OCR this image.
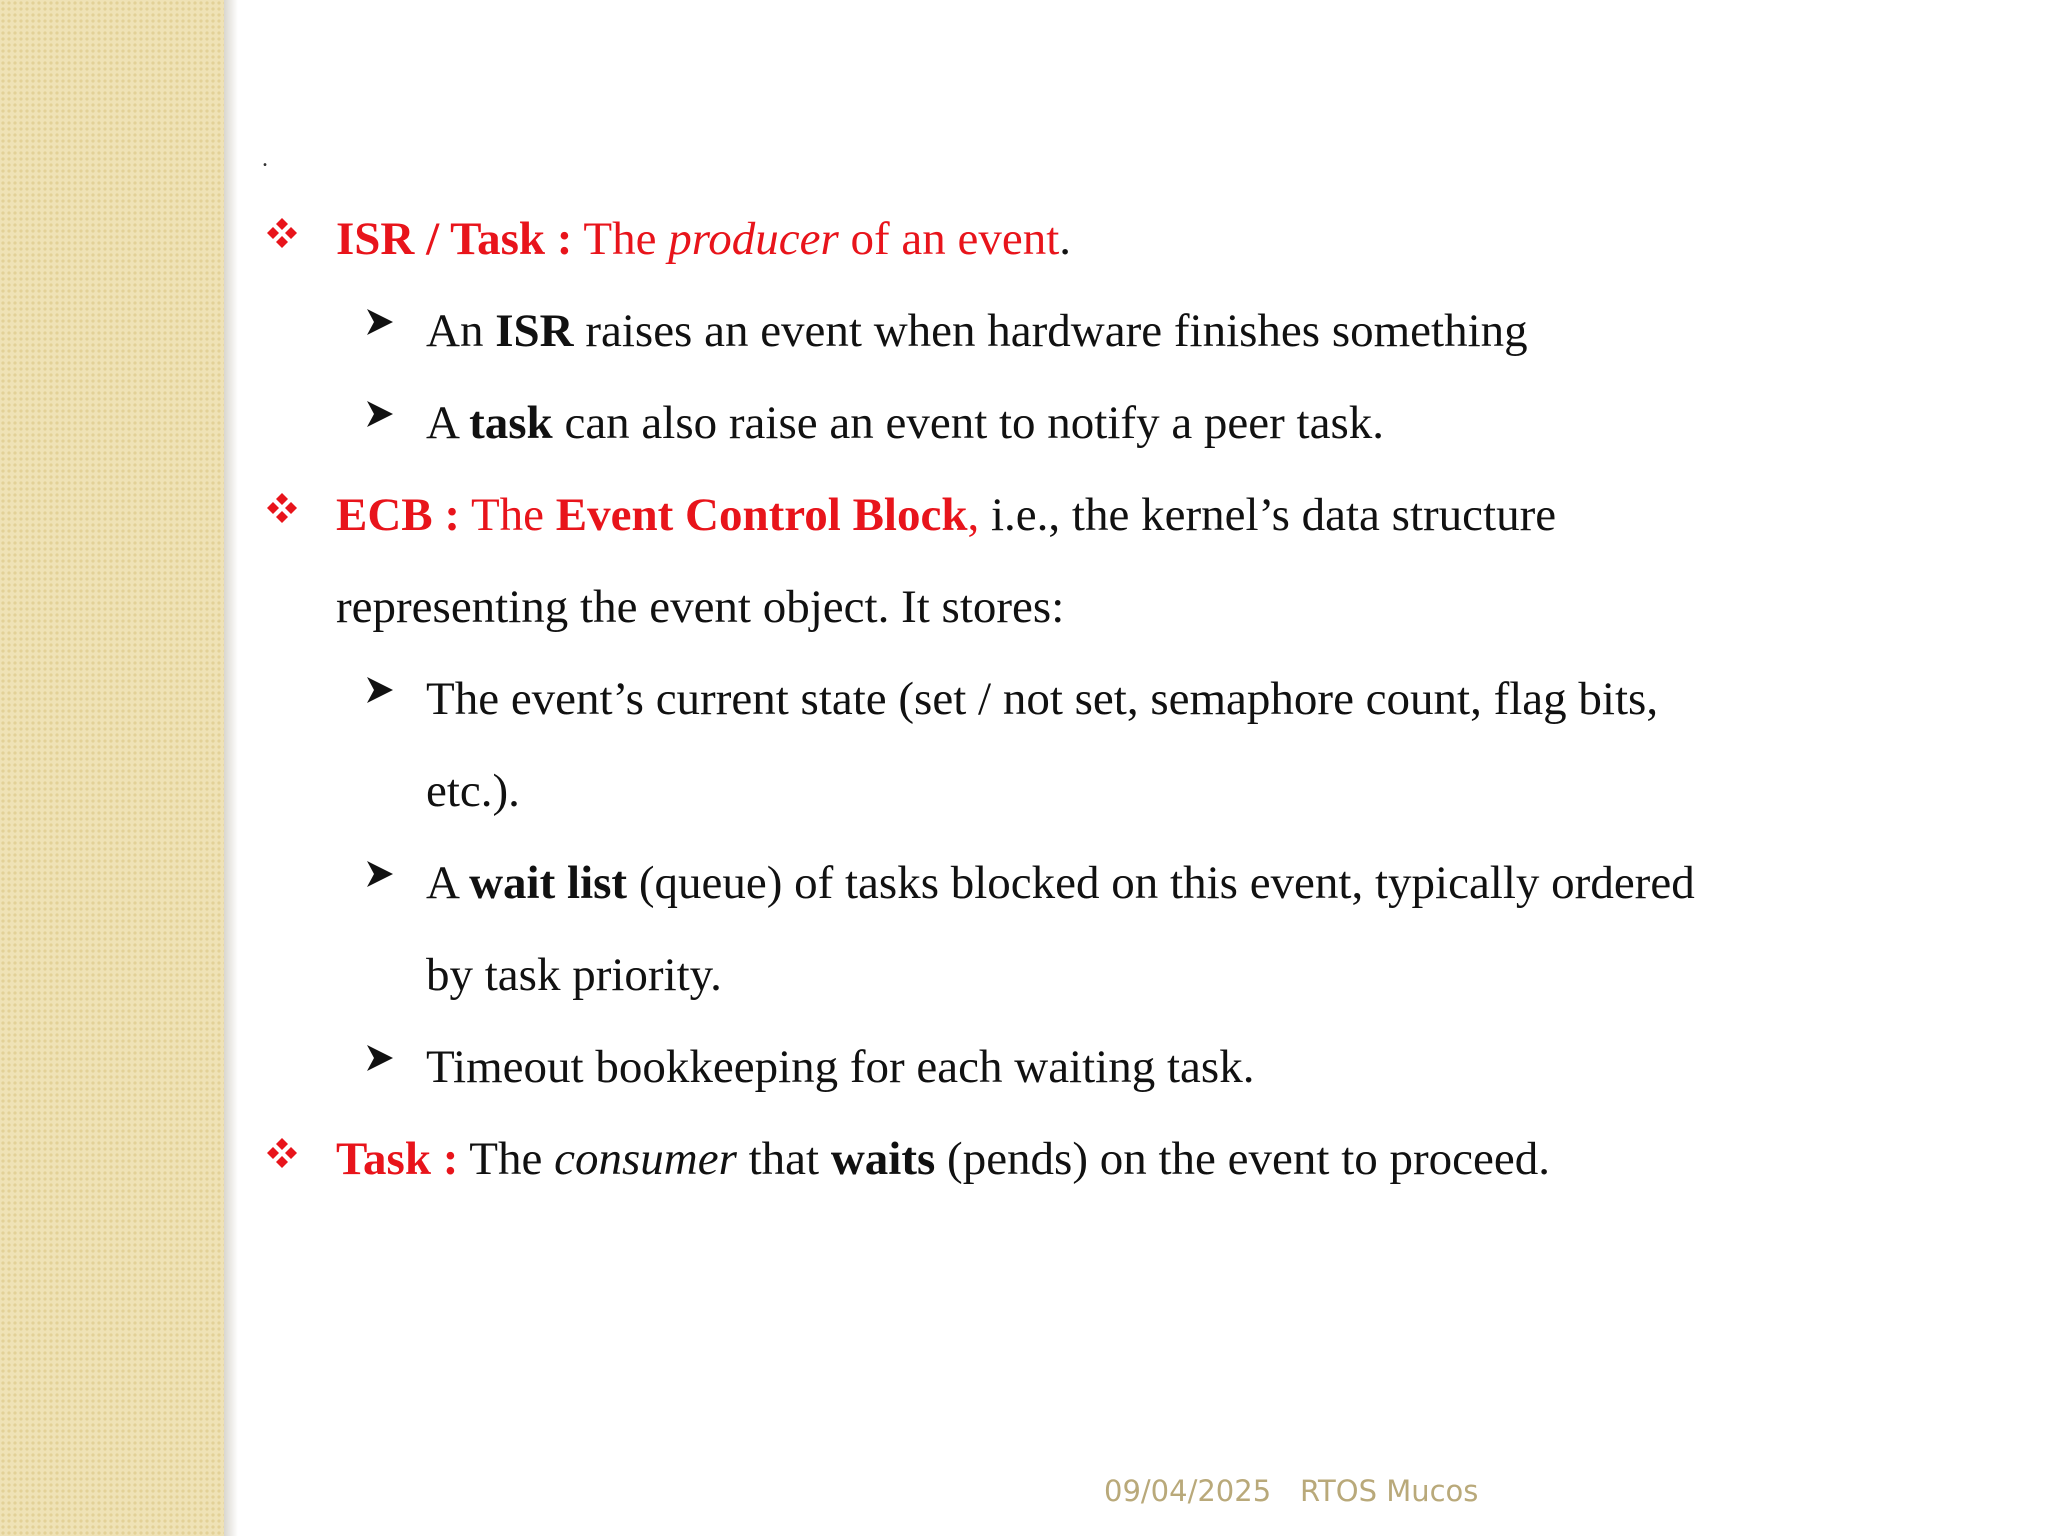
.
ISR / Task : The producer of an event.
An ISR raises an event when hardware finishes something
A task can also raise an event to notify a peer task.
ECB : The Event Control Block, i.e., the kernel’s data structure
representing the event object. It stores:
The event’s current state (set / not set, semaphore count, flag bits,
etc.).
A wait list (queue) of tasks blocked on this event, typically ordered
by task priority.
Timeout bookkeeping for each waiting task.
Task : The consumer that waits (pends) on the event to proceed.
09/04/2025 RTOS Mucos
